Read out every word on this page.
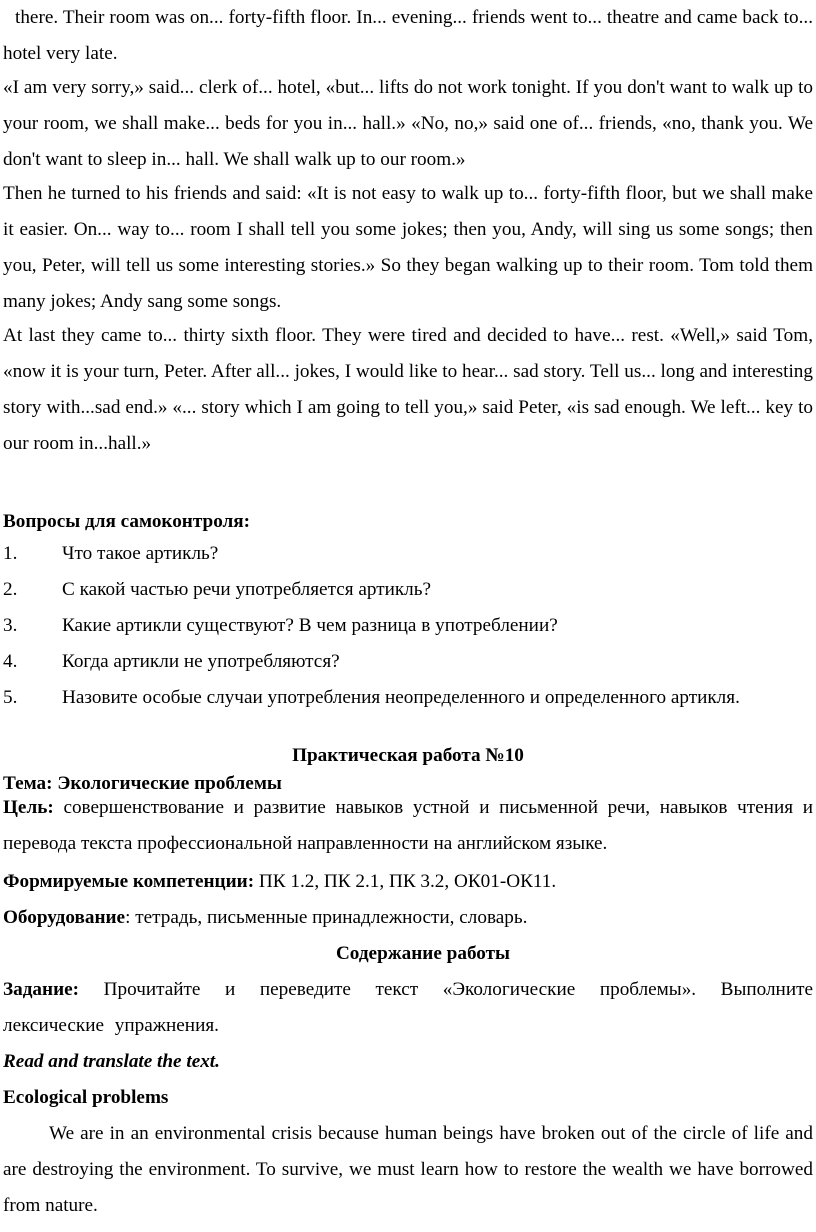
there. Their room was on... forty-fifth floor. In... evening... friends went to... theatre and came back to... hotel very late.
«I am very sorry,» said... clerk of... hotel, «but... lifts do not work tonight. If you don't want to walk up to your room, we shall make... beds for you in... hall.» «No, no,» said one of... friends, «no, thank you. We don't want to sleep in... hall. We shall walk up to our room.»
Then he turned to his friends and said: «It is not easy to walk up to... forty-fifth floor, but we shall make it easier. On... way to... room I shall tell you some jokes; then you, Andy, will sing us some songs; then you, Peter, will tell us some interesting stories.» So they began walking up to their room. Tom told them many jokes; Andy sang some songs.
At last they came to... thirty sixth floor. They were tired and decided to have... rest. «Well,» said Tom, «now it is your turn, Peter. After all... jokes, I would like to hear... sad story. Tell us... long and interesting story with...sad end.» «... story which I am going to tell you,» said Peter, «is sad enough. We left... key to our room in...hall.»
Вопросы для самоконтроля:
1. Что такое артикль?
2. С какой частью речи употребляется артикль?
3. Какие артикли существуют? В чем разница в употреблении?
4. Когда артикли не употребляются?
5. Назовите особые случаи употребления неопределенного и определенного артикля.
Практическая работа №10
Тема: Экологические проблемы
Цель: совершенствование и развитие навыков устной и письменной речи, навыков чтения и перевода текста профессиональной направленности на английском языке.
Формируемые компетенции: ПК 1.2, ПК 2.1, ПК 3.2, ОК01-ОК11.
Оборудование: тетрадь, письменные принадлежности, словарь.
Содержание работы
Задание: Прочитайте и переведите текст «Экологические проблемы». Выполните лексические упражнения.
Read and translate the text.
Ecological problems
We are in an environmental crisis because human beings have broken out of the circle of life and are destroying the environment. To survive, we must learn how to restore the wealth we have borrowed from nature.
